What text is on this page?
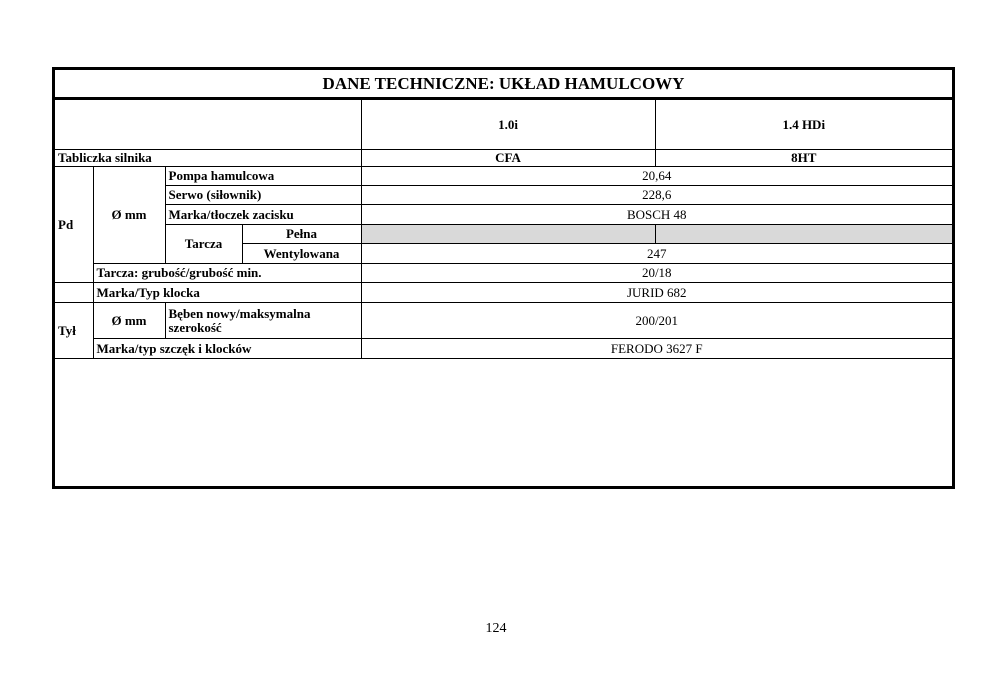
DANE TECHNICZNE: UKŁAD HAMULCOWY
				1.0i	1.4 HDi
Tabliczka silnika				CFA	8HT
Pd	Ø mm	Pompa hamulcowa		20,64	
		Serwo (siłownik)		228,6	
		Marka/tłoczek zacisku		BOSCH 48	
		Tarcza	Pełna		
			Wentylowana	247	
	Tarcza: grubość/grubość min.			20/18	
	Marka/Typ klocka			JURID 682	
Tył	Ø mm	Bęben nowy/maksymalna szerokość		200/201	
	Marka/typ szczęk i klocków			FERODO 3627 F	
124
